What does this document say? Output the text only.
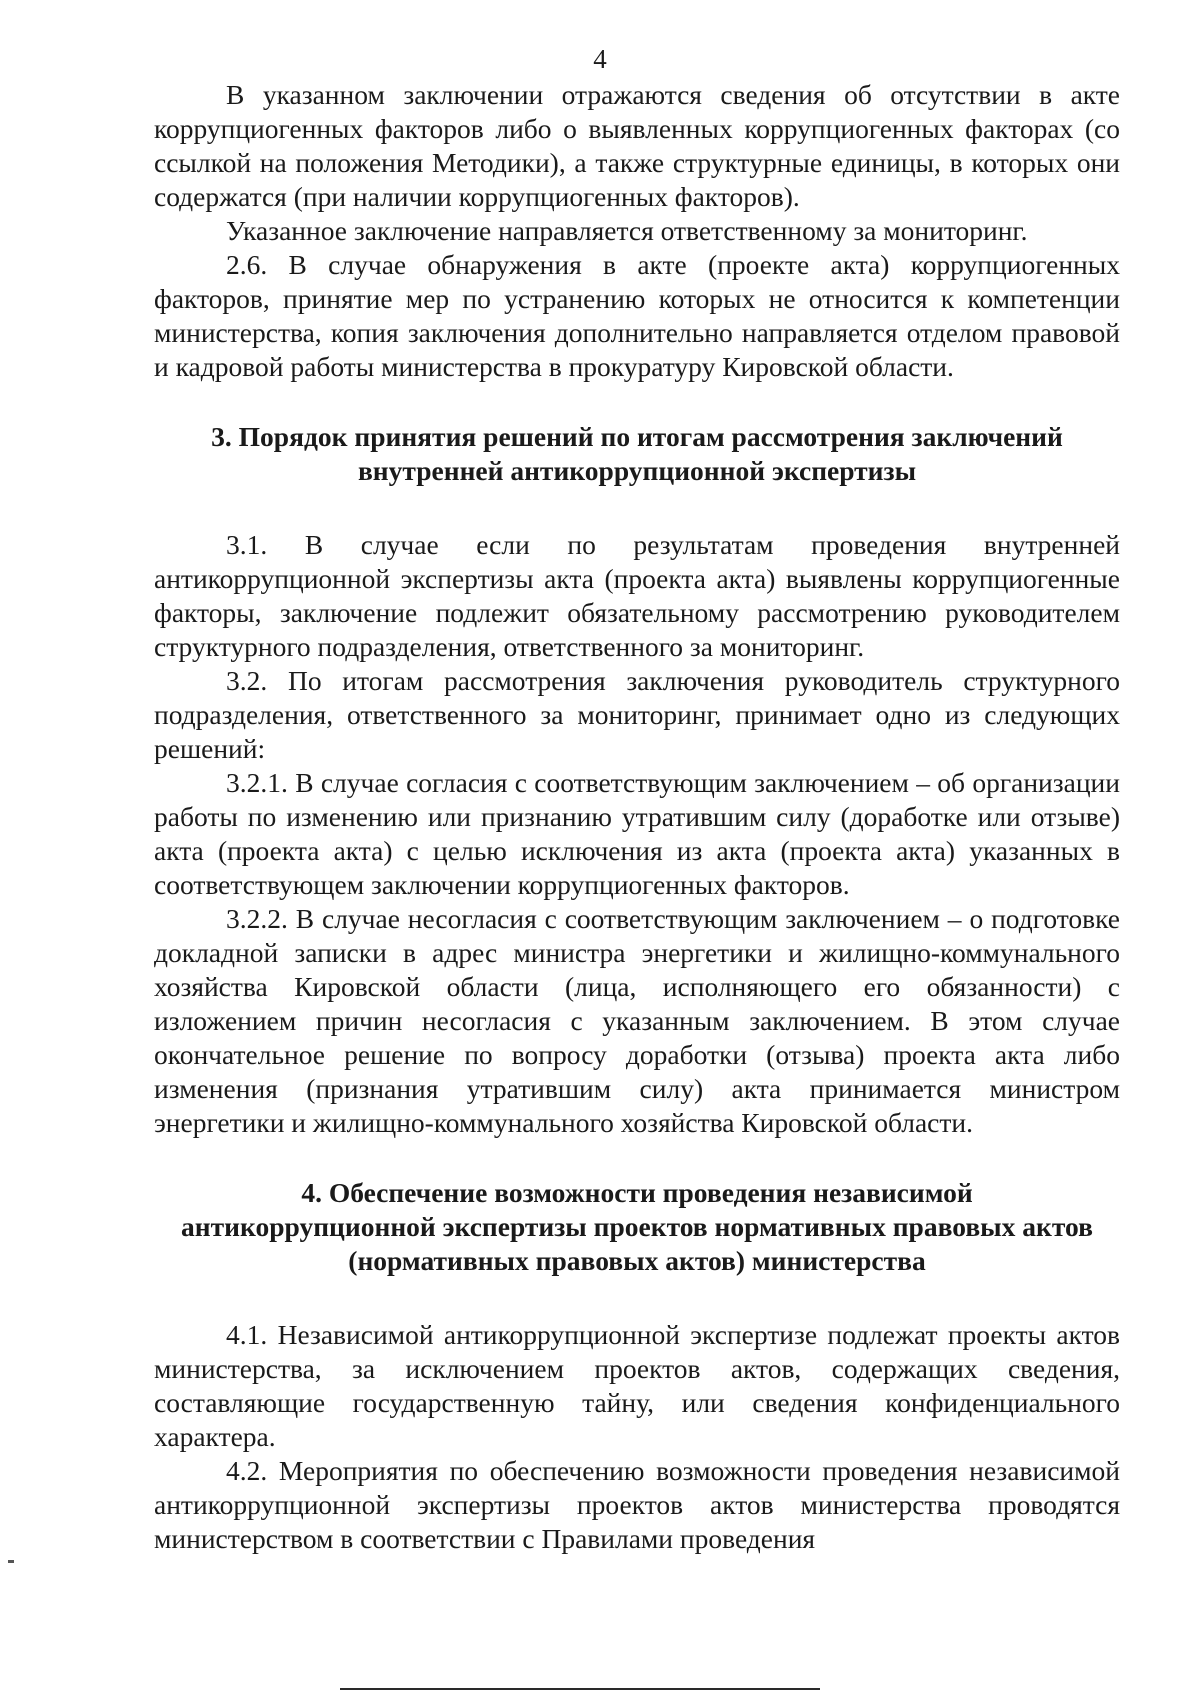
4

В указанном заключении отражаются сведения об отсутствии в акте коррупциогенных факторов либо о выявленных коррупциогенных факторах (со ссылкой на положения Методики), а также структурные единицы, в которых они содержатся (при наличии коррупциогенных факторов).

Указанное заключение направляется ответственному за мониторинг.

2.6. В случае обнаружения в акте (проекте акта) коррупциогенных факторов, принятие мер по устранению которых не относится к компетенции министерства, копия заключения дополнительно направляется отделом правовой и кадровой работы министерства в прокуратуру Кировской области.

3. Порядок принятия решений по итогам рассмотрения заключений
внутренней антикоррупционной экспертизы

3.1. В случае если по результатам проведения внутренней антикоррупционной экспертизы акта (проекта акта) выявлены коррупциогенные факторы, заключение подлежит обязательному рассмотрению руководителем структурного подразделения, ответственного за мониторинг.

3.2. По итогам рассмотрения заключения руководитель структурного подразделения, ответственного за мониторинг, принимает одно из следующих решений:

3.2.1. В случае согласия с соответствующим заключением – об организации работы по изменению или признанию утратившим силу (доработке или отзыве) акта (проекта акта) с целью исключения из акта (проекта акта) указанных в соответствующем заключении коррупциогенных факторов.

3.2.2. В случае несогласия с соответствующим заключением – о подготовке докладной записки в адрес министра энергетики и жилищно-коммунального хозяйства Кировской области (лица, исполняющего его обязанности) с изложением причин несогласия с указанным заключением. В этом случае окончательное решение по вопросу доработки (отзыва) проекта акта либо изменения (признания утратившим силу) акта принимается министром энергетики и жилищно-коммунального хозяйства Кировской области.

4. Обеспечение возможности проведения независимой
антикоррупционной экспертизы проектов нормативных правовых актов
(нормативных правовых актов) министерства

4.1. Независимой антикоррупционной экспертизе подлежат проекты актов министерства, за исключением проектов актов, содержащих сведения, составляющие государственную тайну, или сведения конфиденциального характера.

4.2. Мероприятия по обеспечению возможности проведения независимой антикоррупционной экспертизы проектов актов министерства проводятся министерством в соответствии с Правилами проведения
